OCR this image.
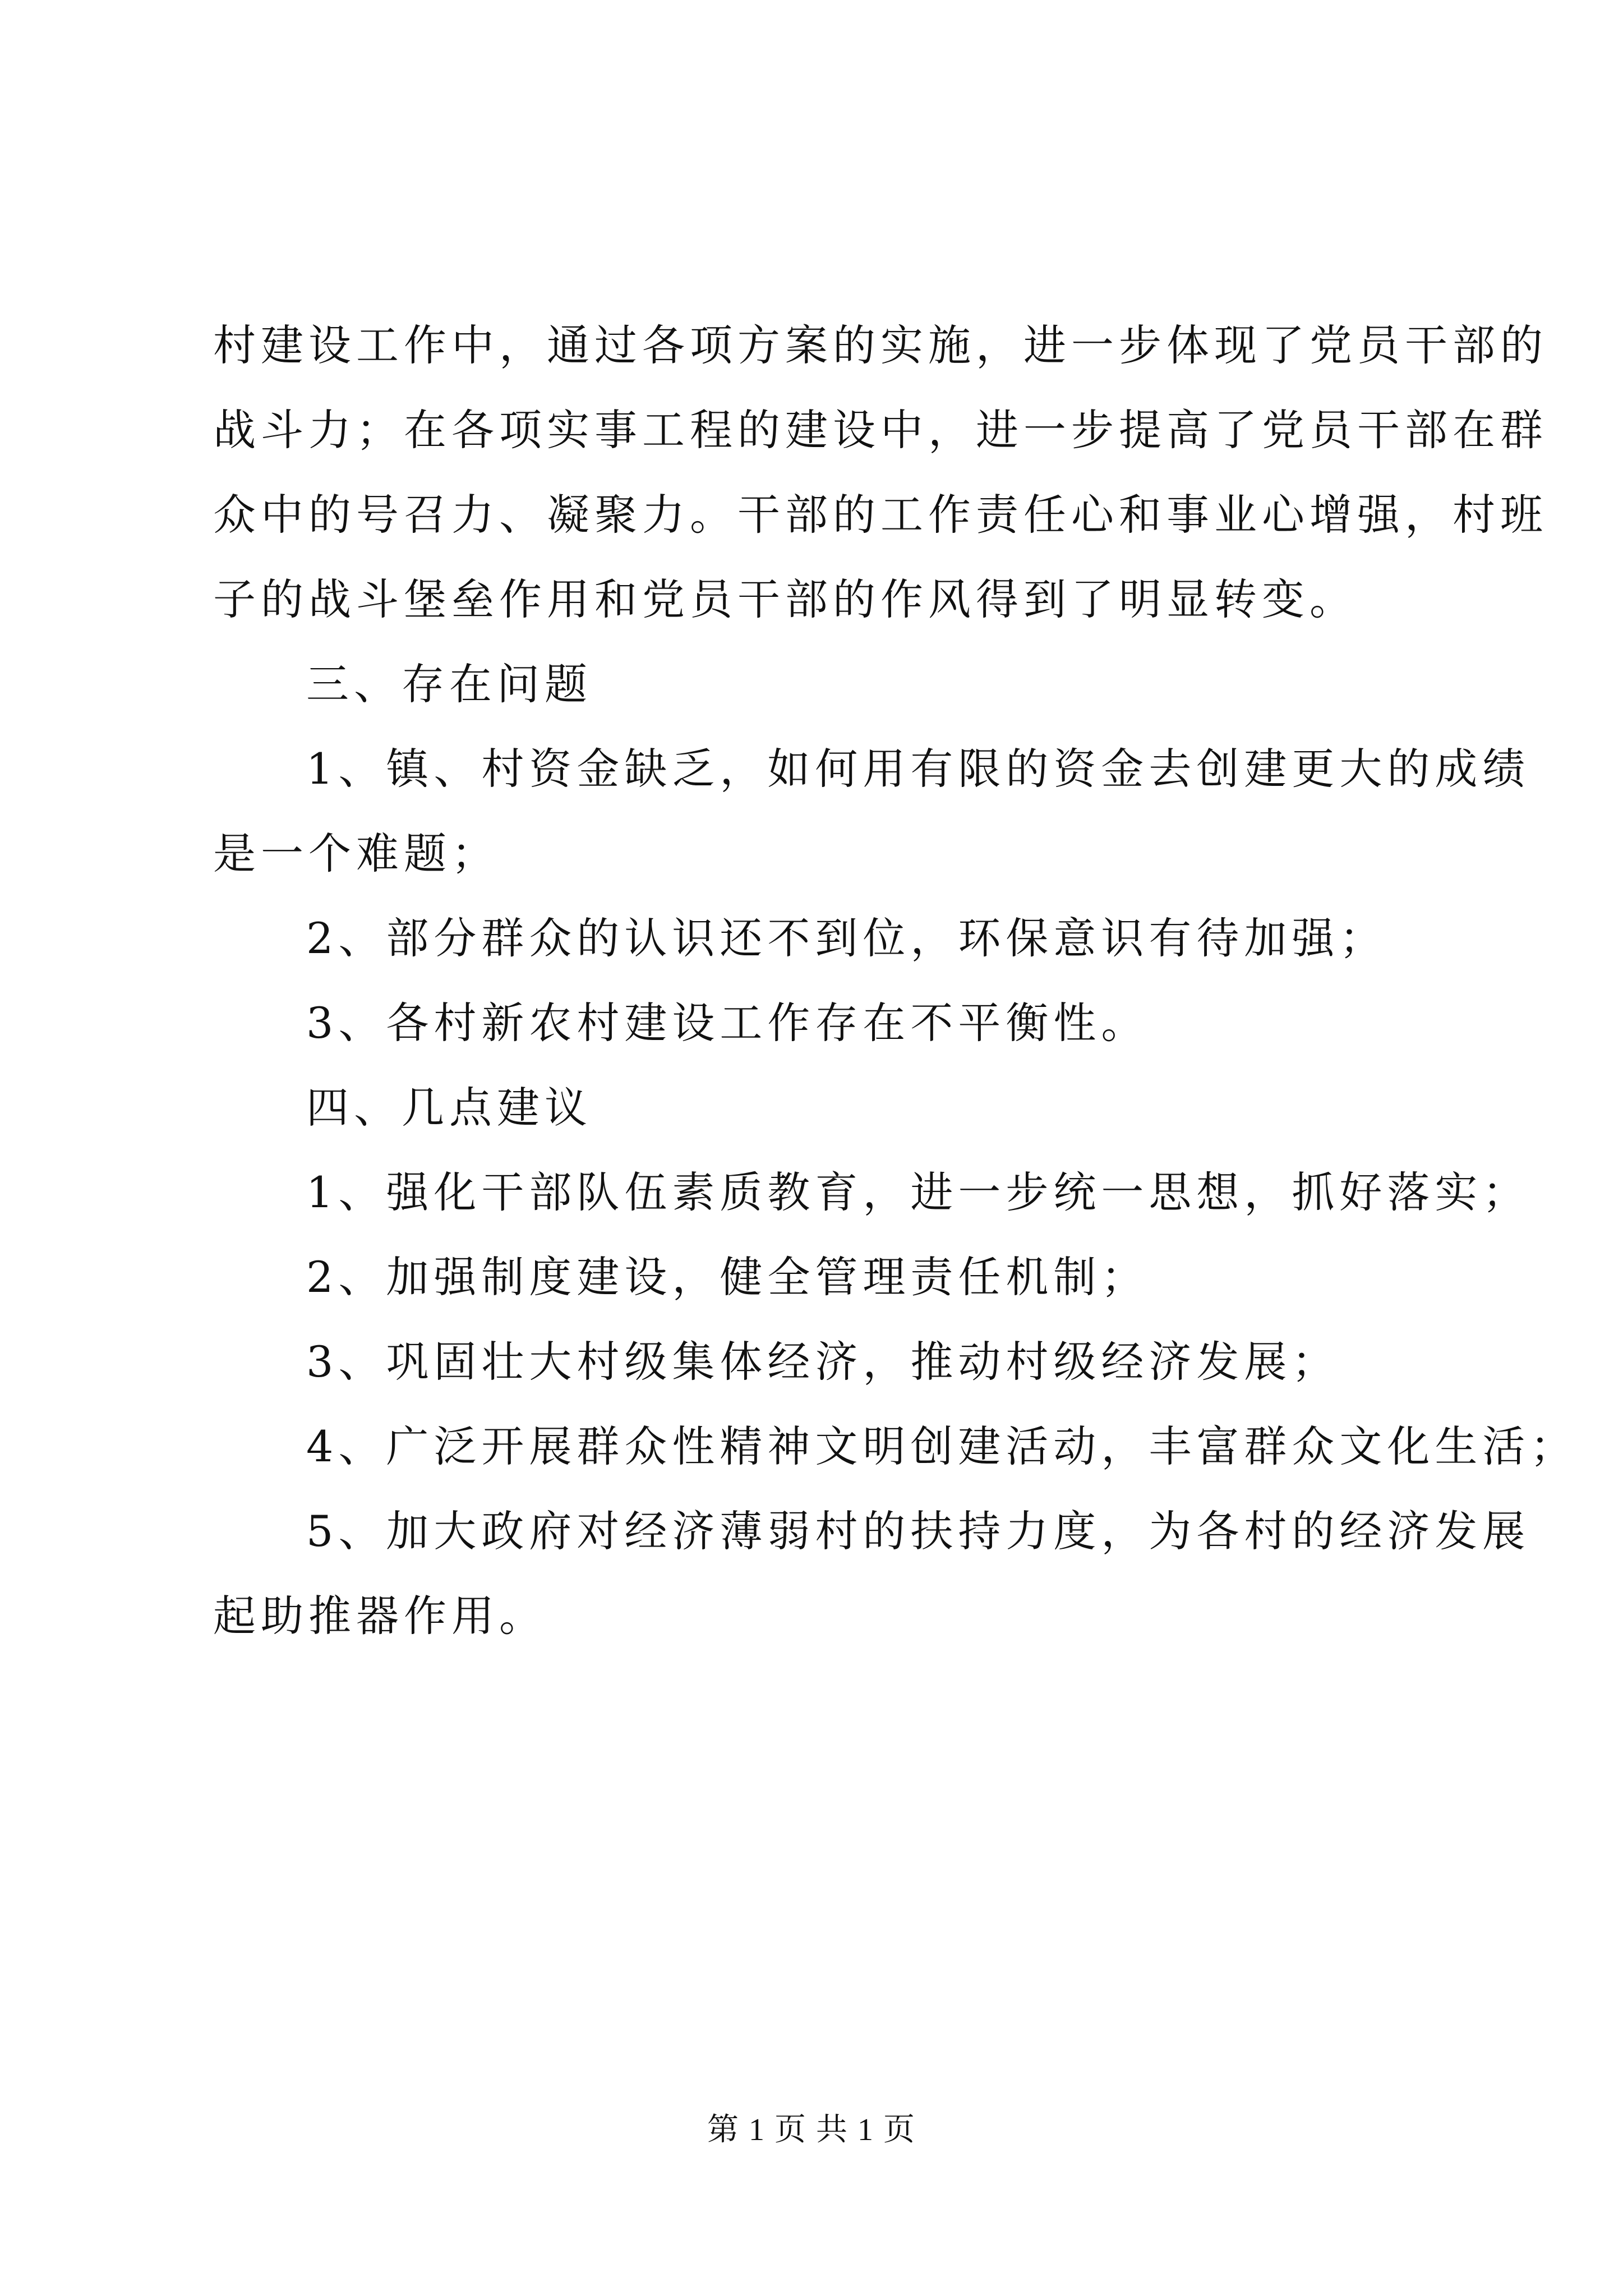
村建设工作中，通过各项方案的实施，进一步体现了党员干部的
战斗力；在各项实事工程的建设中，进一步提高了党员干部在群
众中的号召力、凝聚力。干部的工作责任心和事业心增强，村班
子的战斗堡垒作用和党员干部的作风得到了明显转变。
三、存在问题
1、镇、村资金缺乏，如何用有限的资金去创建更大的成绩
是一个难题；
2、部分群众的认识还不到位，环保意识有待加强；
3、各村新农村建设工作存在不平衡性。
四、几点建议
1、强化干部队伍素质教育，进一步统一思想，抓好落实；
2、加强制度建设，健全管理责任机制；
3、巩固壮大村级集体经济，推动村级经济发展；
4、广泛开展群众性精神文明创建活动，丰富群众文化生活；
5、加大政府对经济薄弱村的扶持力度，为各村的经济发展
起助推器作用。
第 1 页 共 1 页
